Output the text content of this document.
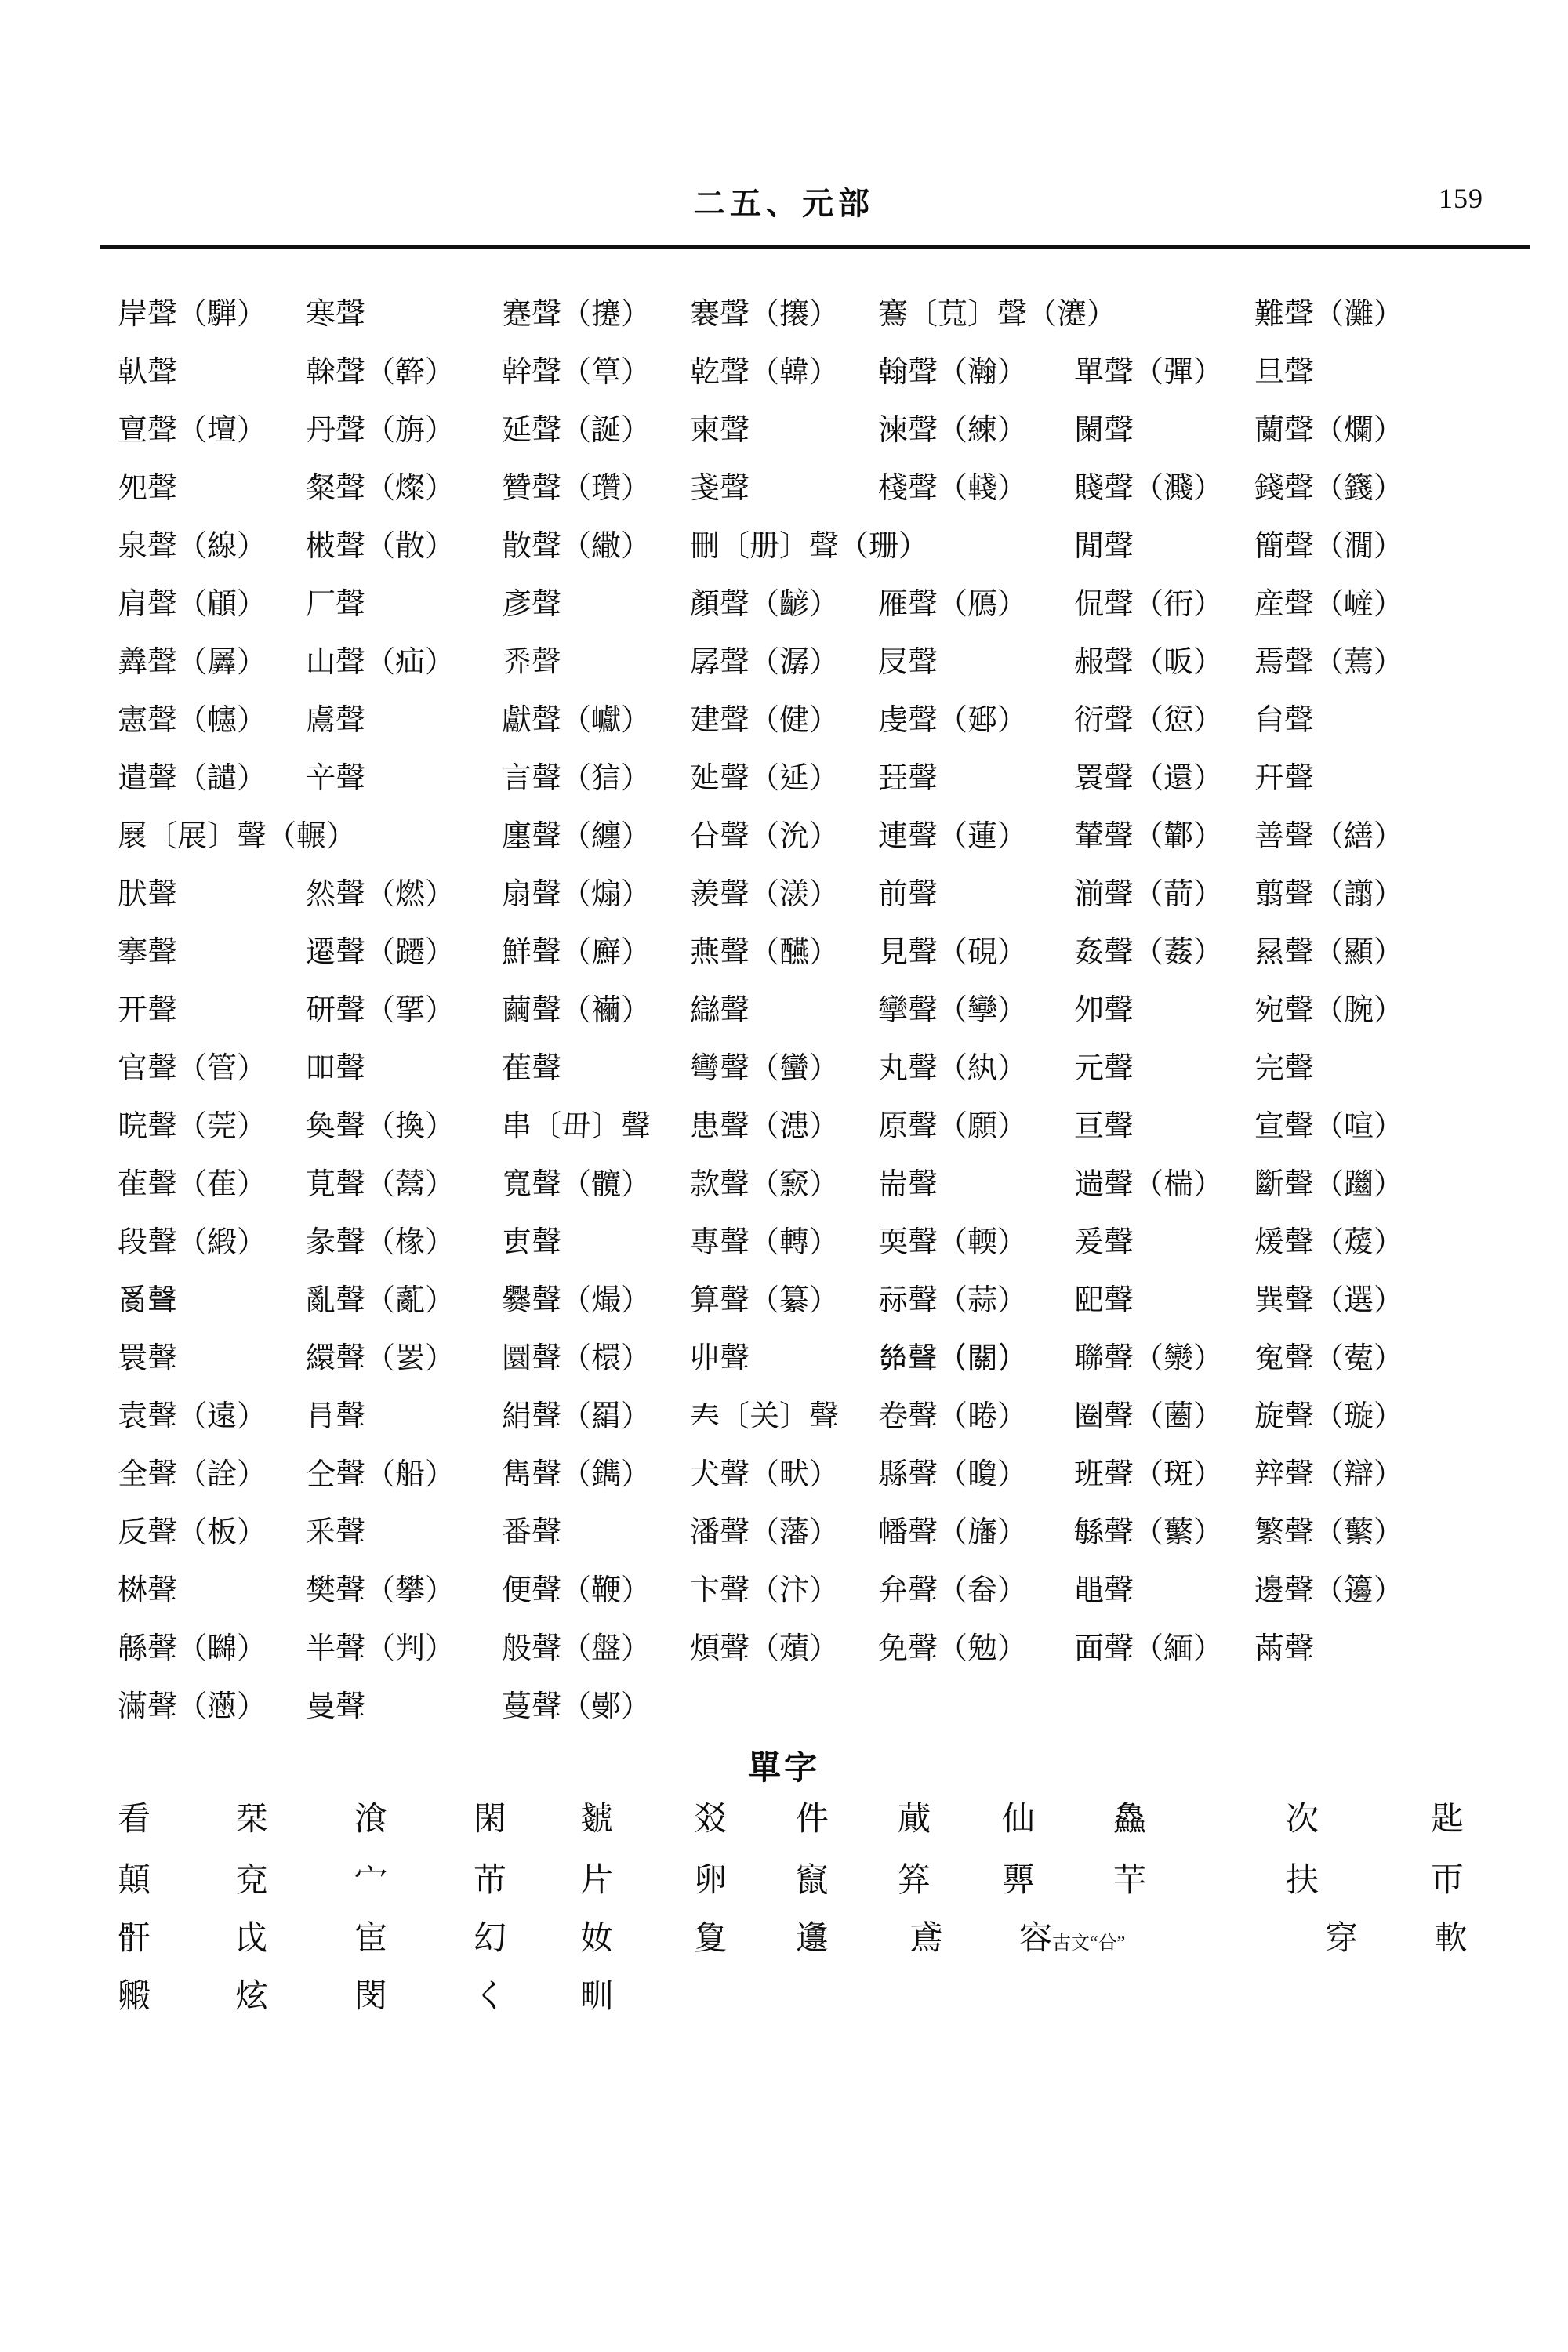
二五、元部	159
岸聲（騨） 寒聲	蹇聲（攓） 褰聲（攐） 鶱〔萈〕聲（瀽）	難聲（灘）
倝聲	榦聲（簳） 幹聲（筸） 乾聲（韓） 翰聲（瀚） 單聲（彈） 旦聲
亶聲（壇） 丹聲（旃） 延聲（誕） 柬聲	湅聲（練） 闌聲	蘭聲（爛）
夗聲	粲聲（燦） 贊聲（瓚） 戔聲	棧聲（輚） 賤聲（濺） 錢聲（籛）
泉聲（線） 㪔聲（散） 散聲（繖） 刪〔册〕聲（珊）	閒聲	簡聲（㵎）
肩聲（顅） 厂聲	彥聲	顏聲（齴） 雁聲（鴈） 侃聲（衎） 産聲（嵼）
羴聲（羼） 山聲（疝） 𢍏聲	孱聲（潺） 㞋聲	赧聲（昄） 焉聲（蔫）
憲聲（幰） 鬳聲	獻聲（巘） 建聲（健） 虔聲（郔） 衍聲（愆） 䏍聲
遣聲（譴） 䇂聲	言聲（狺） 㢟聲（𨒂） 㠭聲	瞏聲（還） 幵聲
㞡〔展〕聲（輾）	廛聲（纏） 㕣聲（沇） 連聲（蓮） 輦聲（鄻） 善聲（繕）
肰聲	然聲（燃） 扇聲（煽） 羨聲（㵪） 前聲	湔聲（葥） 翦聲（譾）
搴聲	遷聲（躚） 鮮聲（廯） 燕聲（醼） 見聲（硯） 姦聲（葌） 㬎聲（顯）
开聲	研聲（揅） 繭聲（襺） 䜌聲	攣聲（孿） 夘聲	宛聲（腕）
官聲（管） 吅聲	萑聲	彎聲（蠻） 丸聲（紈） 元聲	完聲
晥聲（莞） 奐聲（換） 串〔毌〕聲 患聲（漶） 原聲（願） 亘聲	宣聲（喧）
雈聲（萑） 莧聲（𩰿） 寬聲（髖） 款聲（窾） 耑聲	遄聲（椯） 斷聲（躖）
段聲（緞） 彖聲（椽） 叀聲	專聲（轉） 耎聲（輭） 爰聲	煖聲（蕿）
𤔔聲	亂聲（薍） 爨聲（熶） 算聲（纂） 祘聲（蒜） 巸聲	巽聲（選）
睘聲	繯聲（䍗） 圜聲（檈） 丱聲	𢇇聲（關） 聯聲（灓） 寃聲（蒬）
袁聲（遠） 肙聲	絹聲（羂） 𡗗〔关〕聲 卷聲（睠） 圈聲（蔨） 旋聲（璇）
全聲（詮） 仝聲（船） 雋聲（鐫） 犬聲（畎） 縣聲（矎） 班聲（斑） 辡聲（辯）
反聲（板） 釆聲	番聲	潘聲（藩） 幡聲（旛） 緐聲（蘩） 繁聲（蘩）
棥聲	樊聲（攀） 便聲（鞭） 卞聲（汴） 弁聲（畚） 黽聲	邊聲（籩）
緜聲（矊） 半聲（判） 般聲（盤） 煩聲（薠） 免聲（勉） 面聲（緬） 㒼聲
滿聲（懣） 曼聲	蔓聲（鄤）
單字
看	栞	湌	閑 虦 㸚 件 蕆 仙 鱻	次	匙
顛	兗	宀	芇 片 卵 竄 笲 顨 芉	扶	帀
骭	戉	宦	幻 奻 夐 邍 鳶 容古文“㕣”	穿 軟
毈	炫	閔	く 甽
